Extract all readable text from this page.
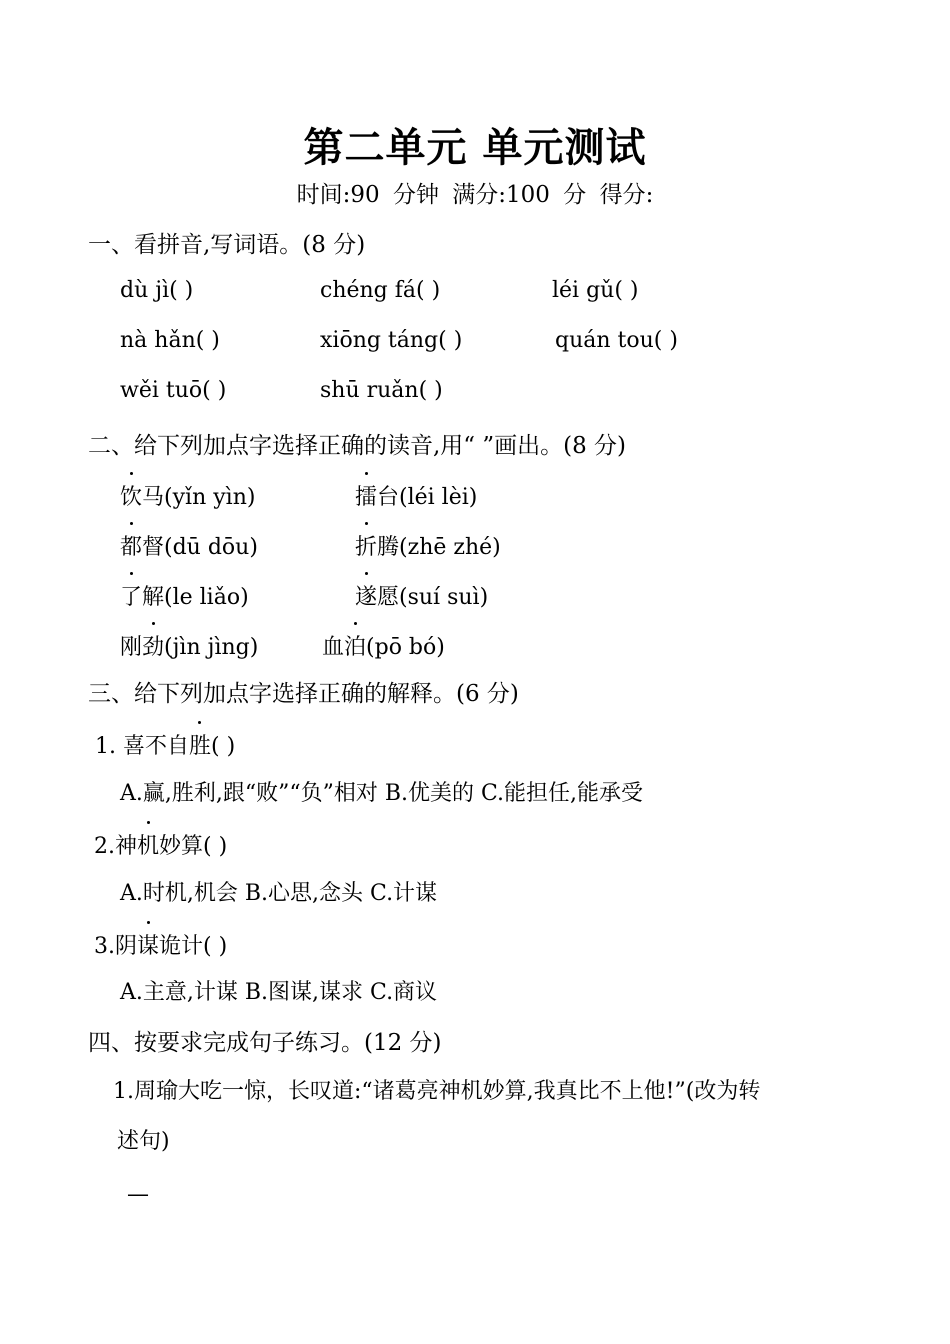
第二单元 单元测试
时间:90 分钟 满分:100 分 得分:
一、看拼音,写词语。(8 分)
dù jì( )	chéng fá( )	léi gǔ( )
nà hǎn( )	xiōng táng( )	quán tou( )
wěi tuō( )	shū ruǎn( )
二、给下列加点字选择正确的读音,用“ ”画出。(8 分)
饮马(yǐn yìn)	擂台(léi lèi)
都督(dū dōu)	折腾(zhē zhé)
了解(le liǎo)	遂愿(suí suì)
刚劲(jìn jìng)	血泊(pō bó)
三、给下列加点字选择正确的解释。(6 分)
1. 喜不自胜( )
A.赢,胜利,跟“败”“负”相对 B.优美的 C.能担任,能承受
2.神机妙算( )
A.时机,机会 B.心思,念头 C.计谋
3.阴谋诡计( )
A.主意,计谋 B.图谋,谋求 C.商议
四、按要求完成句子练习。(12 分)
1.周瑜大吃一惊，长叹道:“诸葛亮神机妙算,我真比不上他!”(改为转
述句)
—
